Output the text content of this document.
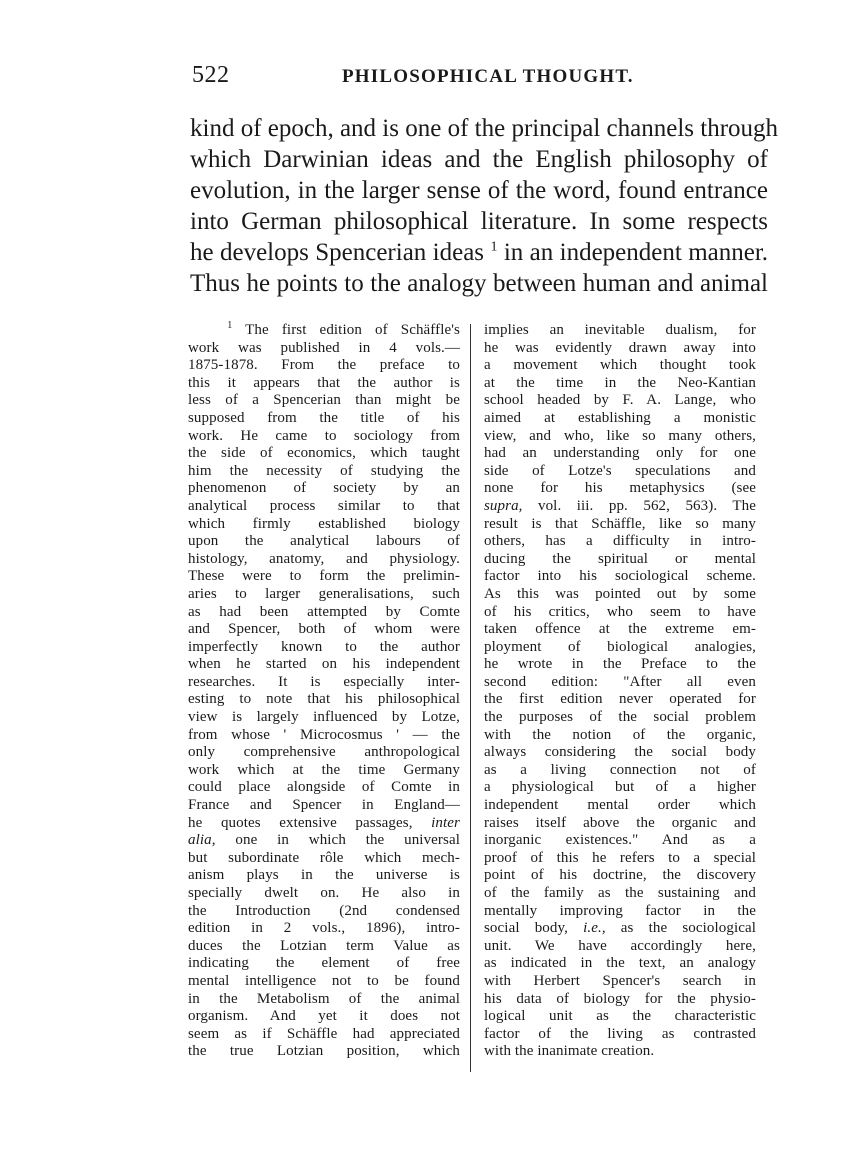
522	PHILOSOPHICAL THOUGHT.
kind of epoch, and is one of the principal channels through
which Darwinian ideas and the English philosophy of
evolution, in the larger sense of the word, found entrance
into German philosophical literature. In some respects
he develops Spencerian ideas $^1$ in an independent manner.
Thus he points to the analogy between human and animal
$^1$ The first edition of Schäffle's
work was published in 4 vols.—
1875-1878. From the preface to
this it appears that the author is
less of a Spencerian than might be
supposed from the title of his
work. He came to sociology from
the side of economics, which taught
him the necessity of studying the
phenomenon of society by an
analytical process similar to that
which firmly established biology
upon the analytical labours of
histology, anatomy, and physiology.
These were to form the prelimin-
aries to larger generalisations, such
as had been attempted by Comte
and Spencer, both of whom were
imperfectly known to the author
when he started on his independent
researches. It is especially inter-
esting to note that his philosophical
view is largely influenced by Lotze,
from whose ' Microcosmus ' — the
only comprehensive anthropological
work which at the time Germany
could place alongside of Comte in
France and Spencer in England—
he quotes extensive passages, inter
alia, one in which the universal
but subordinate rôle which mech-
anism plays in the universe is
specially dwelt on. He also in
the Introduction (2nd condensed
edition in 2 vols., 1896), intro-
duces the Lotzian term Value as
indicating the element of free
mental intelligence not to be found
in the Metabolism of the animal
organism. And yet it does not
seem as if Schäffle had appreciated
the true Lotzian position, which
implies an inevitable dualism, for
he was evidently drawn away into
a movement which thought took
at the time in the Neo-Kantian
school headed by F. A. Lange, who
aimed at establishing a monistic
view, and who, like so many others,
had an understanding only for one
side of Lotze's speculations and
none for his metaphysics (see
supra, vol. iii. pp. 562, 563). The
result is that Schäffle, like so many
others, has a difficulty in intro-
ducing the spiritual or mental
factor into his sociological scheme.
As this was pointed out by some
of his critics, who seem to have
taken offence at the extreme em-
ployment of biological analogies,
he wrote in the Preface to the
second edition: "After all even
the first edition never operated for
the purposes of the social problem
with the notion of the organic,
always considering the social body
as a living connection not of
a physiological but of a higher
independent mental order which
raises itself above the organic and
inorganic existences." And as a
proof of this he refers to a special
point of his doctrine, the discovery
of the family as the sustaining and
mentally improving factor in the
social body, i.e., as the sociological
unit. We have accordingly here,
as indicated in the text, an analogy
with Herbert Spencer's search in
his data of biology for the physio-
logical unit as the characteristic
factor of the living as contrasted
with the inanimate creation.
